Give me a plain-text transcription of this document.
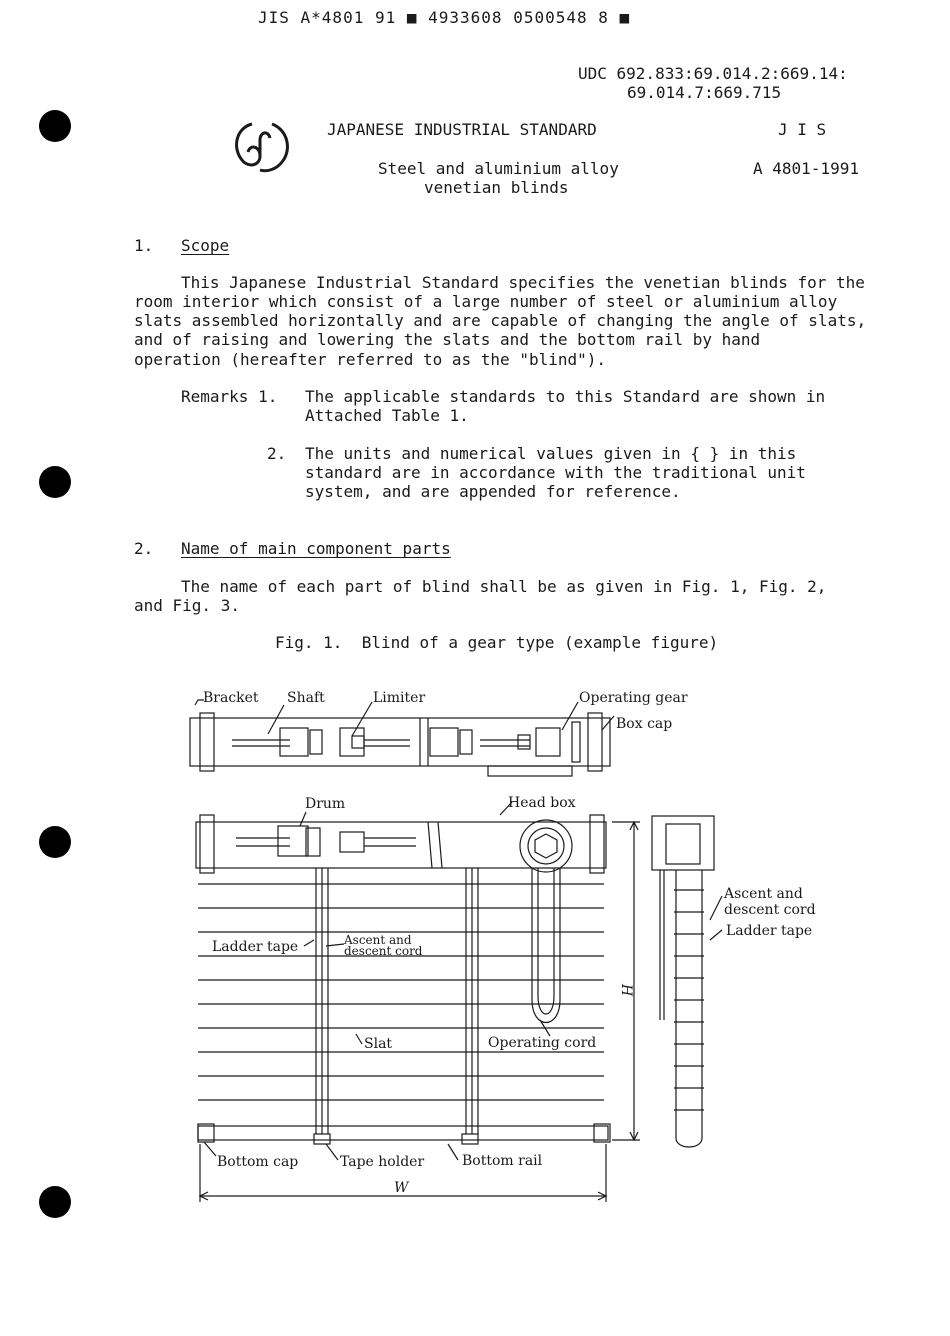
JIS A*4801 91 ■ 4933608 0500548 8 ■
UDC 692.833:69.014.2:669.14:
69.014.7:669.715
JAPANESE INDUSTRIAL STANDARD	J I S
Steel and aluminium alloy
venetian blinds
A 4801-1991
1. Scope
This Japanese Industrial Standard specifies the venetian blinds for the
room interior which consist of a large number of steel or aluminium alloy
slats assembled horizontally and are capable of changing the angle of slats,
and of raising and lowering the slats and the bottom rail by hand
operation (hereafter referred to as the "blind").
Remarks 1. The applicable standards to this Standard are shown in
Attached Table 1.
2. The units and numerical values given in { } in this
standard are in accordance with the traditional unit
system, and are appended for reference.
2. Name of main component parts
The name of each part of blind shall be as given in Fig. 1, Fig. 2,
and Fig. 3.
Fig. 1.  Blind of a gear type (example figure)
Bracket Shaft	Limiter	Operating gear
Box cap
Drum	Head box
Ascent and
descent cord
Ladder tape
Ladder tape	Ascent and
descent cord
Slat	Operating cord
Bottom cap	Tape holder	Bottom rail
H
W
